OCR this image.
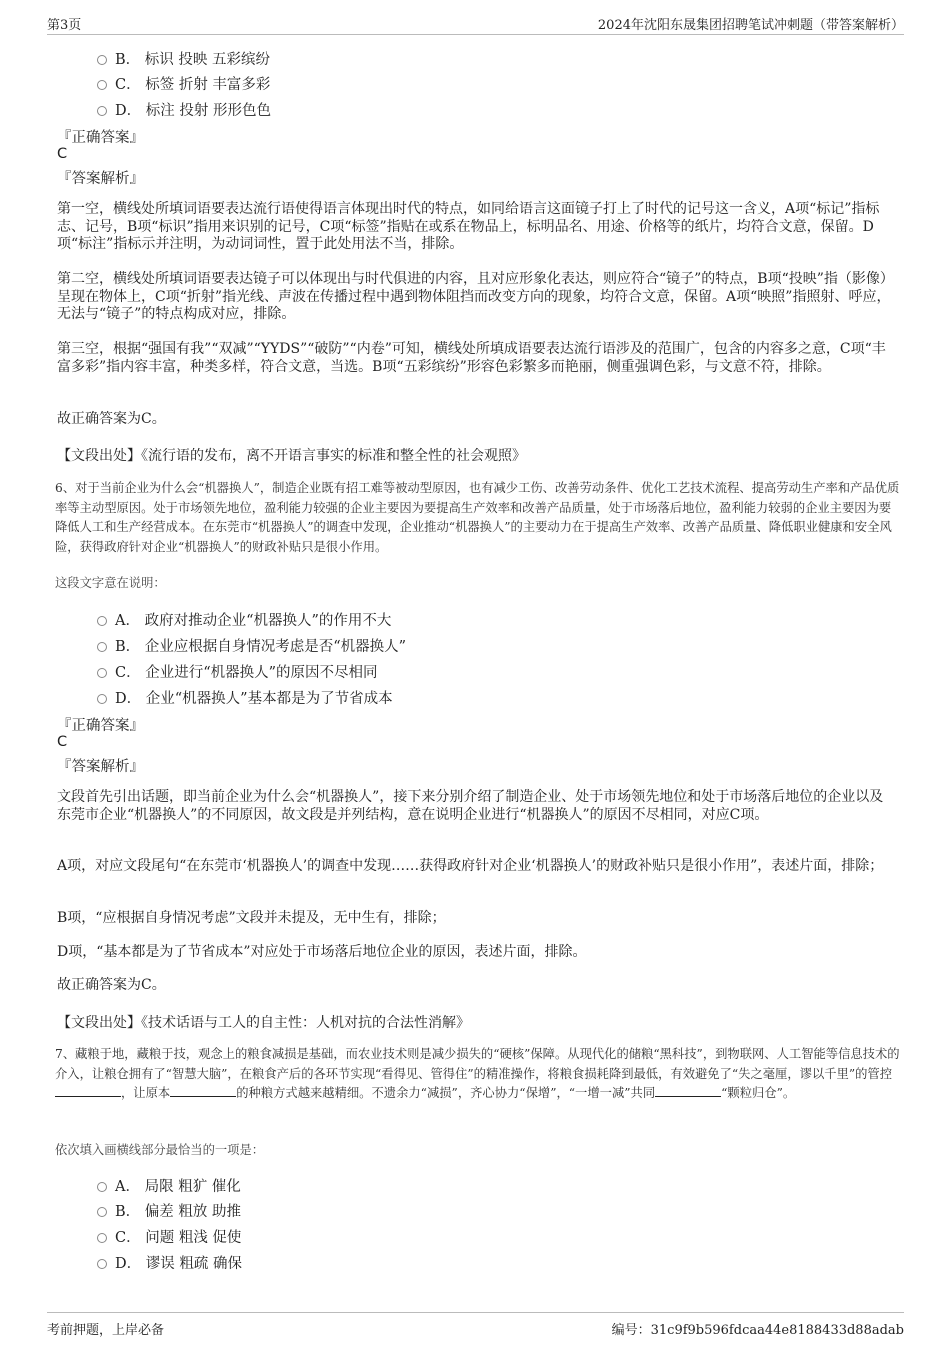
第3页	2024年沈阳东晟集团招聘笔试冲刺题（带答案解析）
B． 标识 投映 五彩缤纷
C． 标签 折射 丰富多彩
D． 标注 投射 形形色色
『正确答案』
C
『答案解析』
第一空，横线处所填词语要表达流行语使得语言体现出时代的特点，如同给语言这面镜子打上了时代的记号这一含义，A项“标记”指标志、记号，B项“标识”指用来识别的记号，C项“标签”指贴在或系在物品上，标明品名、用途、价格等的纸片，均符合文意，保留。D项“标注”指标示并注明，为动词词性，置于此处用法不当，排除。
第二空，横线处所填词语要表达镜子可以体现出与时代俱进的内容，且对应形象化表达，则应符合“镜子”的特点，B项“投映”指（影像）呈现在物体上，C项“折射”指光线、声波在传播过程中遇到物体阻挡而改变方向的现象，均符合文意，保留。A项“映照”指照射、呼应，无法与“镜子”的特点构成对应，排除。
第三空，根据“强国有我”“双减”“YYDS”“破防”“内卷”可知，横线处所填成语要表达流行语涉及的范围广，包含的内容多之意，C项“丰富多彩”指内容丰富，种类多样，符合文意，当选。B项“五彩缤纷”形容色彩繁多而艳丽，侧重强调色彩，与文意不符，排除。
故正确答案为C。
【文段出处】《流行语的发布，离不开语言事实的标准和整全性的社会观照》
6、对于当前企业为什么会“机器换人”，制造企业既有招工难等被动型原因，也有减少工伤、改善劳动条件、优化工艺技术流程、提高劳动生产率和产品优质率等主动型原因。处于市场领先地位，盈利能力较强的企业主要因为要提高生产效率和改善产品质量，处于市场落后地位，盈利能力较弱的企业主要因为要降低人工和生产经营成本。在东莞市“机器换人”的调查中发现，企业推动“机器换人”的主要动力在于提高生产效率、改善产品质量、降低职业健康和安全风险，获得政府针对企业“机器换人”的财政补贴只是很小作用。
这段文字意在说明：
A． 政府对推动企业“机器换人”的作用不大
B． 企业应根据自身情况考虑是否“机器换人”
C． 企业进行“机器换人”的原因不尽相同
D． 企业“机器换人”基本都是为了节省成本
『正确答案』
C
『答案解析』
文段首先引出话题，即当前企业为什么会“机器换人”，接下来分别介绍了制造企业、处于市场领先地位和处于市场落后地位的企业以及东莞市企业“机器换人”的不同原因，故文段是并列结构，意在说明企业进行“机器换人”的原因不尽相同，对应C项。
A项，对应文段尾句“在东莞市‘机器换人’的调查中发现……获得政府针对企业‘机器换人’的财政补贴只是很小作用”，表述片面，排除；
B项，“应根据自身情况考虑”文段并未提及，无中生有，排除；
D项，“基本都是为了节省成本”对应处于市场落后地位企业的原因，表述片面，排除。
故正确答案为C。
【文段出处】《技术话语与工人的自主性：人机对抗的合法性消解》
7、藏粮于地，藏粮于技，观念上的粮食减损是基础，而农业技术则是减少损失的“硬核”保障。从现代化的储粮“黑科技”，到物联网、人工智能等信息技术的介入，让粮仓拥有了“智慧大脑”，在粮食产后的各环节实现“看得见、管得住”的精准操作，将粮食损耗降到最低，有效避免了“失之毫厘，谬以千里”的管控，让原本	的种粮方式越来越精细。不遗余力“减损”，齐心协力“保增”，“一增一减”共同	“颗粒归仓”。
依次填入画横线部分最恰当的一项是：
A． 局限 粗犷 催化
B． 偏差 粗放 助推
C． 问题 粗浅 促使
D． 谬误 粗疏 确保
考前押题，上岸必备	编号：31c9f9b596fdcaa44e8188433d88adab
